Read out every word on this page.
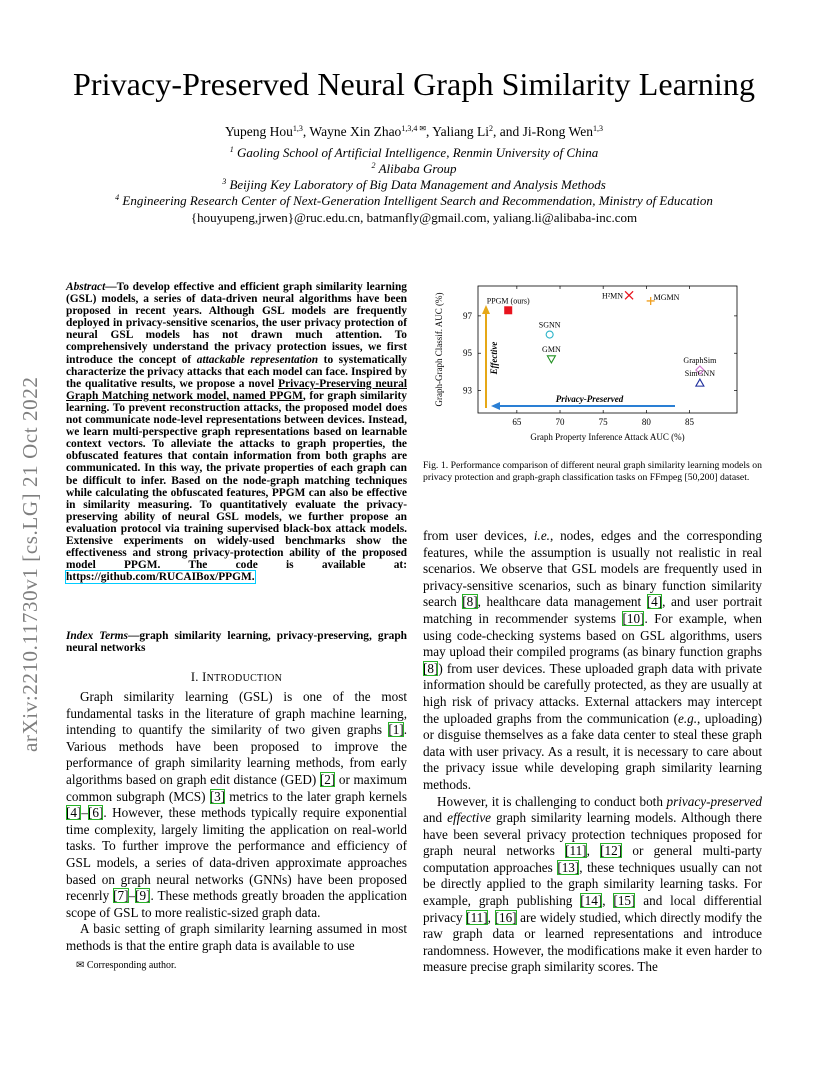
Privacy-Preserved Neural Graph Similarity Learning
Yupeng Hou$^{1,3}$, Wayne Xin Zhao$^{1,3,4 ✉}$, Yaliang Li$^2$, and Ji-Rong Wen$^{1,3}$
$^1$ Gaoling School of Artificial Intelligence, Renmin University of China
$^2$ Alibaba Group
$^3$ Beijing Key Laboratory of Big Data Management and Analysis Methods
$^4$ Engineering Research Center of Next-Generation Intelligent Search and Recommendation, Ministry of Education
{houyupeng,jrwen}@ruc.edu.cn, batmanfly@gmail.com, yaliang.li@alibaba-inc.com
arXiv:2210.11730v1 [cs.LG] 21 Oct 2022
Abstract—To develop effective and efficient graph similarity learning (GSL) models, a series of data-driven neural algorithms have been proposed in recent years. Although GSL models are frequently deployed in privacy-sensitive scenarios, the user privacy protection of neural GSL models has not drawn much attention. To comprehensively understand the privacy protection issues, we first introduce the concept of attackable representation to systematically characterize the privacy attacks that each model can face. Inspired by the qualitative results, we propose a novel Privacy-Preserving neural Graph Matching network model, named PPGM, for graph similarity learning. To prevent reconstruction attacks, the proposed model does not communicate node-level representations between devices. Instead, we learn multi-perspective graph representations based on learnable context vectors. To alleviate the attacks to graph properties, the obfuscated features that contain information from both graphs are communicated. In this way, the private properties of each graph can be difficult to infer. Based on the node-graph matching techniques while calculating the obfuscated features, PPGM can also be effective in similarity measuring. To quantitatively evaluate the privacy-preserving ability of neural GSL models, we further propose an evaluation protocol via training supervised black-box attack models. Extensive experiments on widely-used benchmarks show the effectiveness and strong privacy-protection ability of the proposed model PPGM. The code is available at: https://github.com/RUCAIBox/PPGM.
Index Terms—graph similarity learning, privacy-preserving, graph neural networks
I. INTRODUCTION

Graph similarity learning (GSL) is one of the most fundamental tasks in the literature of graph machine learning, intending to quantify the similarity of two given graphs [1]. Various methods have been proposed to improve the performance of graph similarity learning methods, from early algorithms based on graph edit distance (GED) [2] or maximum common subgraph (MCS) [3] metrics to the later graph kernels [4]–[6]. However, these methods typically require exponential time complexity, largely limiting the application on real-world tasks. To further improve the performance and efficiency of GSL models, a series of data-driven approximate approaches based on graph neural networks (GNNs) have been proposed recenrly [7]–[9]. These methods greatly broaden the application scope of GSL to more realistic-sized graph data.

A basic setting of graph similarity learning assumed in most methods is that the entire graph data is available to use

✉ Corresponding author.
65	70	75	80	85
93
95
97
Graph Property Inference Attack AUC (%)
Graph-Graph Classif. AUC (%)	Effective
Privacy-Preserved
PPGM (ours)
SGNN
GMN
H²MN	MGMN
GraphSim
SimGNN
Fig. 1. Performance comparison of different neural graph similarity learning models on privacy protection and graph-graph classification tasks on FFmpeg [50,200] dataset.

from user devices, i.e., nodes, edges and the corresponding features, while the assumption is usually not realistic in real scenarios. We observe that GSL models are frequently used in privacy-sensitive scenarios, such as binary function similarity search [8], healthcare data management [4], and user portrait matching in recommender systems [10]. For example, when using code-checking systems based on GSL algorithms, users may upload their compiled programs (as binary function graphs [8]) from user devices. These uploaded graph data with private information should be carefully protected, as they are usually at high risk of privacy attacks. External attackers may intercept the uploaded graphs from the communication (e.g., uploading) or disguise themselves as a fake data center to steal these graph data with user privacy. As a result, it is necessary to care about the privacy issue while developing graph similarity learning methods.

However, it is challenging to conduct both privacy-preserved and effective graph similarity learning models. Although there have been several privacy protection techniques proposed for graph neural networks [11], [12] or general multi-party computation approaches [13], these techniques usually can not be directly applied to the graph similarity learning tasks. For example, graph publishing [14], [15] and local differential privacy [11], [16] are widely studied, which directly modify the raw graph data or learned representations and introduce randomness. However, the modifications make it even harder to measure precise graph similarity scores. The
